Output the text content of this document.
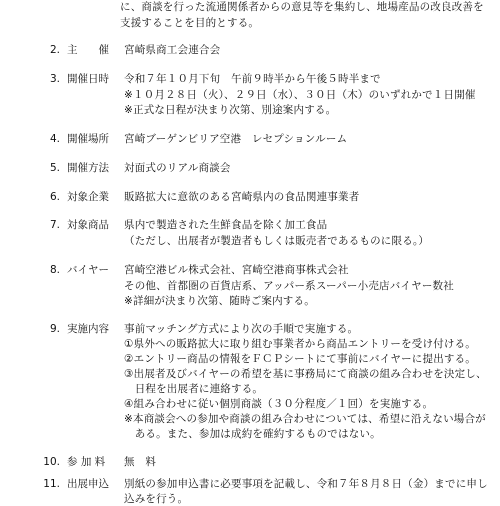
に、商談を行った流通関係者からの意見等を集約し、地場産品の改良改善を
支援することを目的とする。
2. 主　　催 宮崎県商工会連合会
3. 開催日時 令和７年１０月下旬　午前９時半から午後５時半まで
※１０月２８日（火）、２９日（水）、３０日（木）のいずれかで１日開催
※正式な日程が決まり次第、別途案内する。
4. 開催場所 宮崎ブーゲンビリア空港　レセプションルーム
5. 開催方法 対面式のリアル商談会
6. 対象企業 販路拡大に意欲のある宮崎県内の食品関連事業者
7. 対象商品 県内で製造された生鮮食品を除く加工食品
（ただし、出展者が製造者もしくは販売者であるものに限る。）
8. バイヤー 宮崎空港ビル株式会社、宮崎空港商事株式会社
その他、首都圏の百貨店系、アッパー系スーパー小売店バイヤー数社
※詳細が決まり次第、随時ご案内する。
9. 実施内容 事前マッチング方式により次の手順で実施する。
①県外への販路拡大に取り組む事業者から商品エントリーを受け付ける。
②エントリー商品の情報をＦＣＰシートにて事前にバイヤーに提出する。
③出展者及びバイヤーの希望を基に事務局にて商談の組み合わせを決定し、
　日程を出展者に連絡する。
④組み合わせに従い個別商談（３０分程度／１回）を実施する。
※本商談会への参加や商談の組み合わせについては、希望に沿えない場合が
　ある。また、参加は成約を確約するものではない。
10. 参 加 料 無　料
11. 出展申込 別紙の参加申込書に必要事項を記載し、令和７年８月８日（金）までに申し
込みを行う。
